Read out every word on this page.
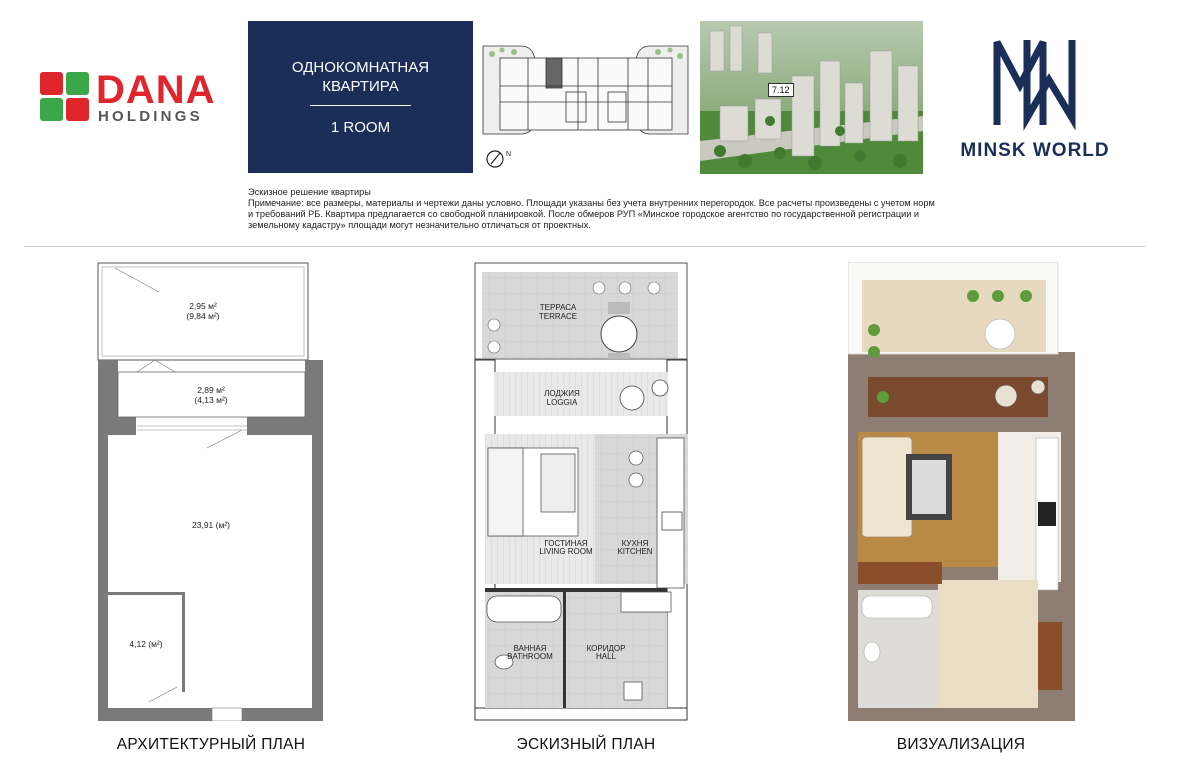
DANA
HOLDINGS
ОДНОКОМНАТНАЯ
КВАРТИРА
1 ROOM
N
7.12
MINSK WORLD
Эскизное решение квартиры
Примечание: все размеры, материалы и чертежи даны условно. Площади указаны без учета внутренних перегородок. Все расчеты произведены с учетом норм и требований РБ. Квартира предлагается со свободной планировкой. После обмеров РУП «Минское городское агентство по государственной регистрации и земельному кадастру» площади могут незначительно отличаться от проектных.
2,95 м²
(9,84 м²)
2,89 м²
(4,13 м²)
23,91 (м²)
4,12 (м²)
ТЕРРАСА
TERRACE
ЛОДЖИЯ
LOGGIA
ГОСТИНАЯ
LIVING ROOM
КУХНЯ
KITCHEN
ВАННАЯ
BATHROOM
КОРИДОР
HALL
АРХИТЕКТУРНЫЙ ПЛАН	ЭСКИЗНЫЙ ПЛАН	ВИЗУАЛИЗАЦИЯ
